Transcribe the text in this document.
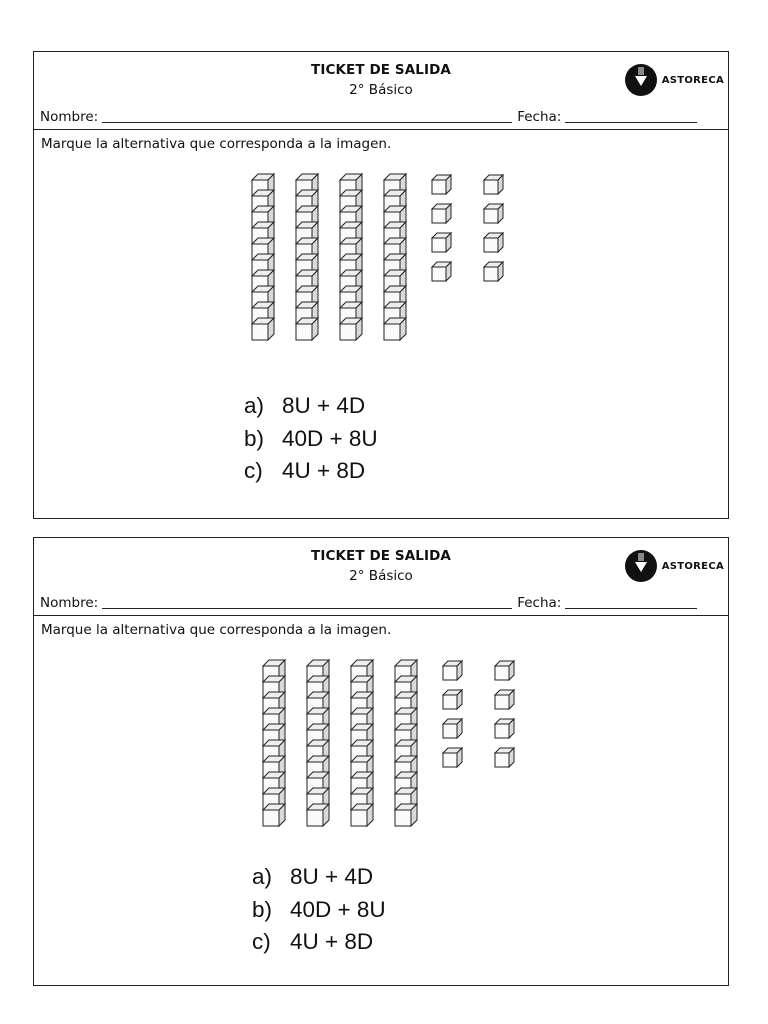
TICKET DE SALIDA
2° Básico
ASTORECA
Nombre:	Fecha:
Marque la alternativa que corresponda a la imagen.
a) 8U + 4D
b) 40D + 8U
c) 4U + 8D
TICKET DE SALIDA
2° Básico
ASTORECA
Nombre:	Fecha:
Marque la alternativa que corresponda a la imagen.
a) 8U + 4D
b) 40D + 8U
c) 4U + 8D
